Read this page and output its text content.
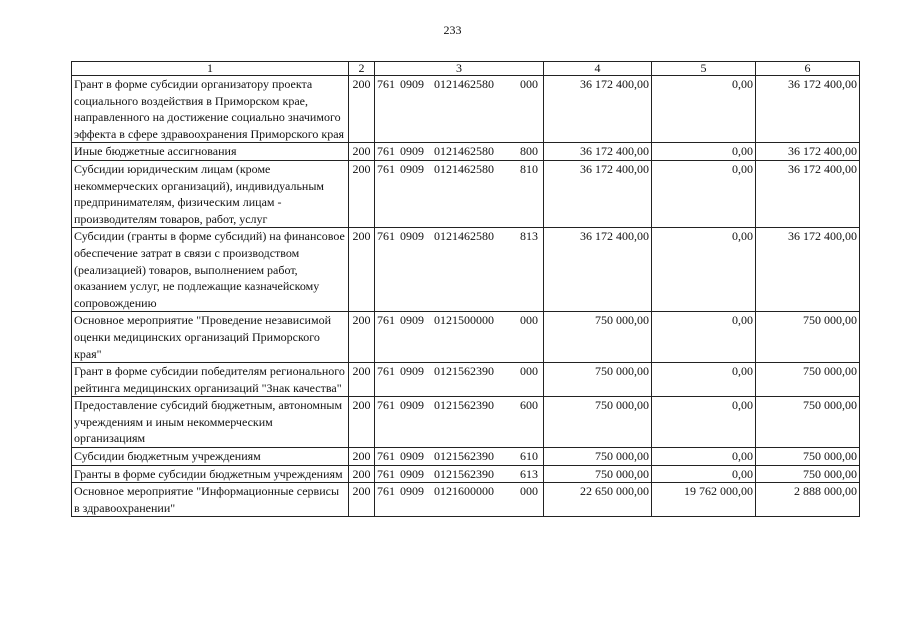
233
1	2	3	4	5	6
Грант в форме субсидии организатору проекта социального воздействия в Приморском крае, направленного на достижение социально значимого эффекта в сфере здравоохранения Приморского края	200	761 0909 0121462580 000	36 172 400,00	0,00	36 172 400,00
Иные бюджетные ассигнования	200	761 0909 0121462580 800	36 172 400,00	0,00	36 172 400,00
Субсидии юридическим лицам (кроме некоммерческих организаций), индивидуальным предпринимателям, физическим лицам - производителям товаров, работ, услуг	200	761 0909 0121462580 810	36 172 400,00	0,00	36 172 400,00
Субсидии (гранты в форме субсидий) на финансовое обеспечение затрат в связи с производством (реализацией) товаров, выполнением работ, оказанием услуг, не подлежащие казначейскому сопровождению	200	761 0909 0121462580 813	36 172 400,00	0,00	36 172 400,00
Основное мероприятие "Проведение независимой оценки медицинских организаций Приморского края"	200	761 0909 0121500000 000	750 000,00	0,00	750 000,00
Грант в форме субсидии победителям регионального рейтинга медицинских организаций "Знак качества"	200	761 0909 0121562390 000	750 000,00	0,00	750 000,00
Предоставление субсидий бюджетным, автономным учреждениям и иным некоммерческим организациям	200	761 0909 0121562390 600	750 000,00	0,00	750 000,00
Субсидии бюджетным учреждениям	200	761 0909 0121562390 610	750 000,00	0,00	750 000,00
Гранты в форме субсидии бюджетным учреждениям	200	761 0909 0121562390 613	750 000,00	0,00	750 000,00
Основное мероприятие "Информационные сервисы в здравоохранении"	200	761 0909 0121600000 000	22 650 000,00	19 762 000,00	2 888 000,00
